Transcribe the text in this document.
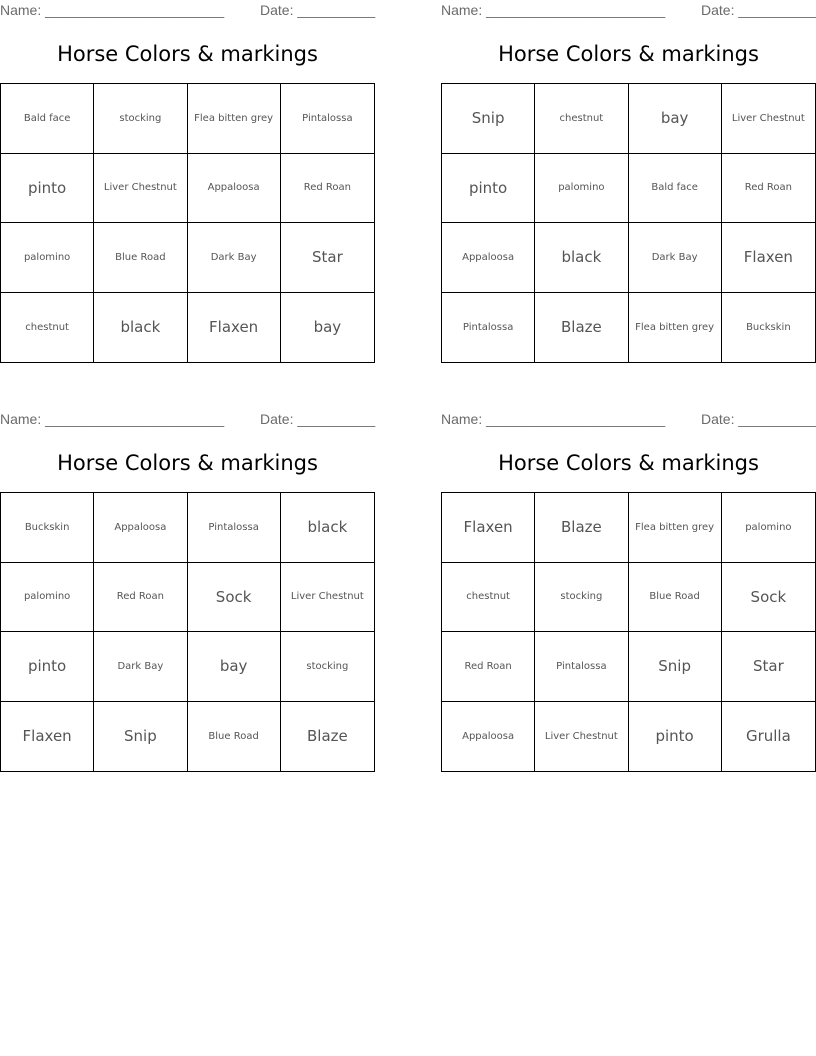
Name: _______________________	Date: __________
Horse Colors & markings
Bald face	stocking	Flea bitten grey	Pintalossa
pinto	Liver Chestnut	Appaloosa	Red Roan
palomino	Blue Road	Dark Bay	Star
chestnut	black	Flaxen	bay
Name: _______________________	Date: __________
Horse Colors & markings
Snip	chestnut	bay	Liver Chestnut
pinto	palomino	Bald face	Red Roan
Appaloosa	black	Dark Bay	Flaxen
Pintalossa	Blaze	Flea bitten grey	Buckskin
Name: _______________________	Date: __________
Horse Colors & markings
Buckskin	Appaloosa	Pintalossa	black
palomino	Red Roan	Sock	Liver Chestnut
pinto	Dark Bay	bay	stocking
Flaxen	Snip	Blue Road	Blaze
Name: _______________________	Date: __________
Horse Colors & markings
Flaxen	Blaze	Flea bitten grey	palomino
chestnut	stocking	Blue Road	Sock
Red Roan	Pintalossa	Snip	Star
Appaloosa	Liver Chestnut	pinto	Grulla
